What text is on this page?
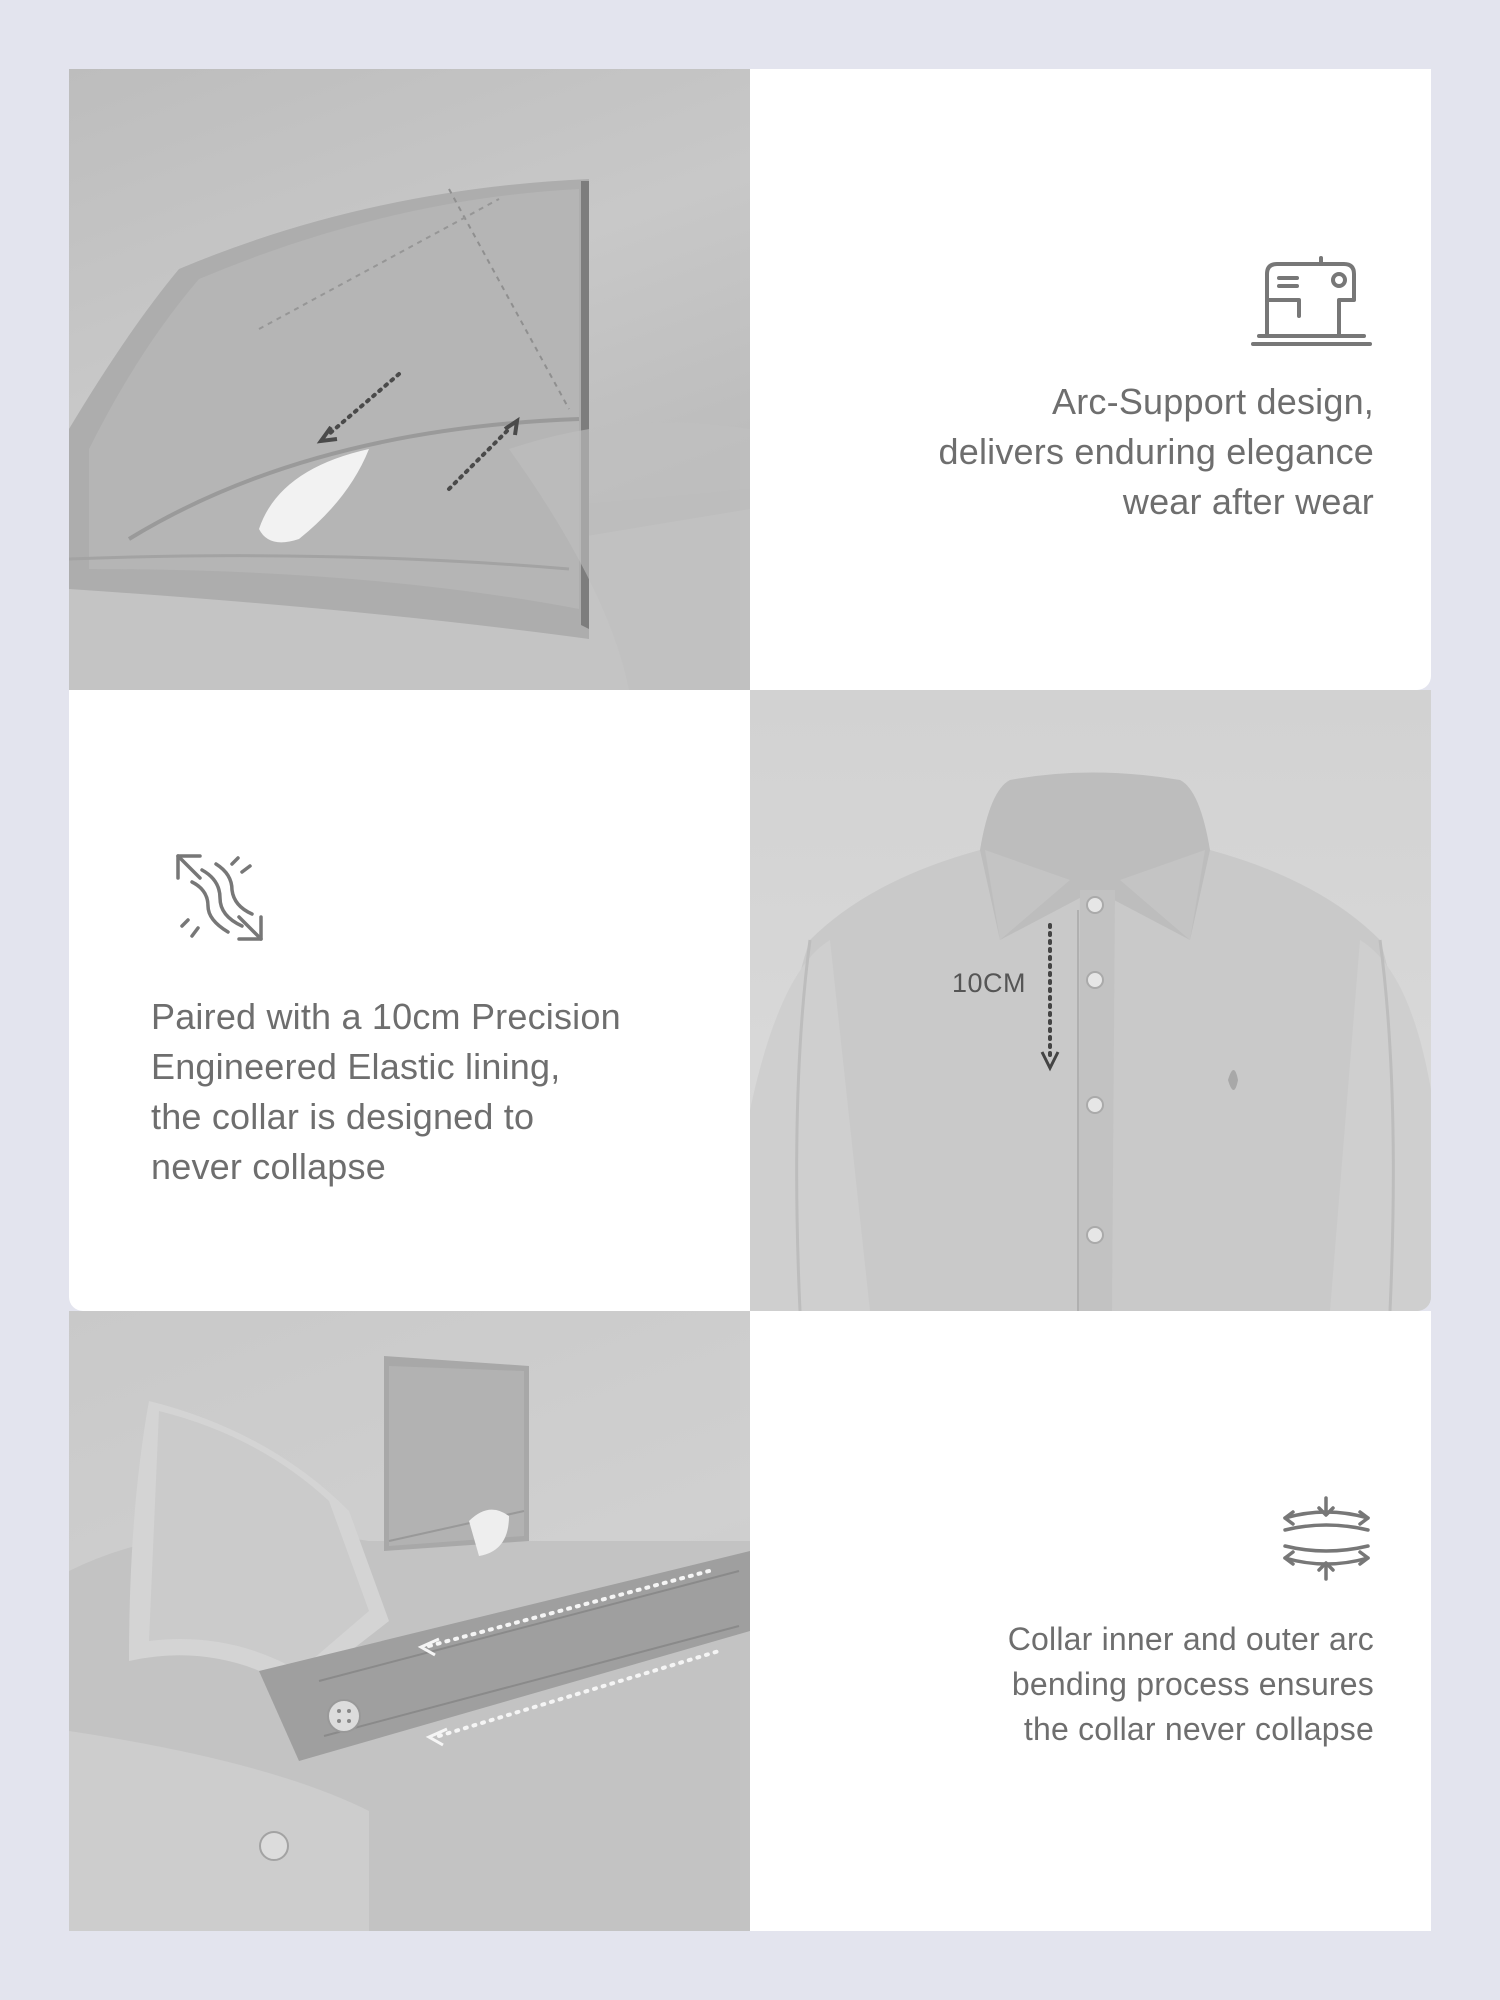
Arc-Support design,
delivers enduring elegance
wear after wear
Paired with a 10cm Precision
Engineered Elastic lining,
the collar is designed to
never collapse
10CM
Collar inner and outer arc
bending process ensures
the collar never collapse
